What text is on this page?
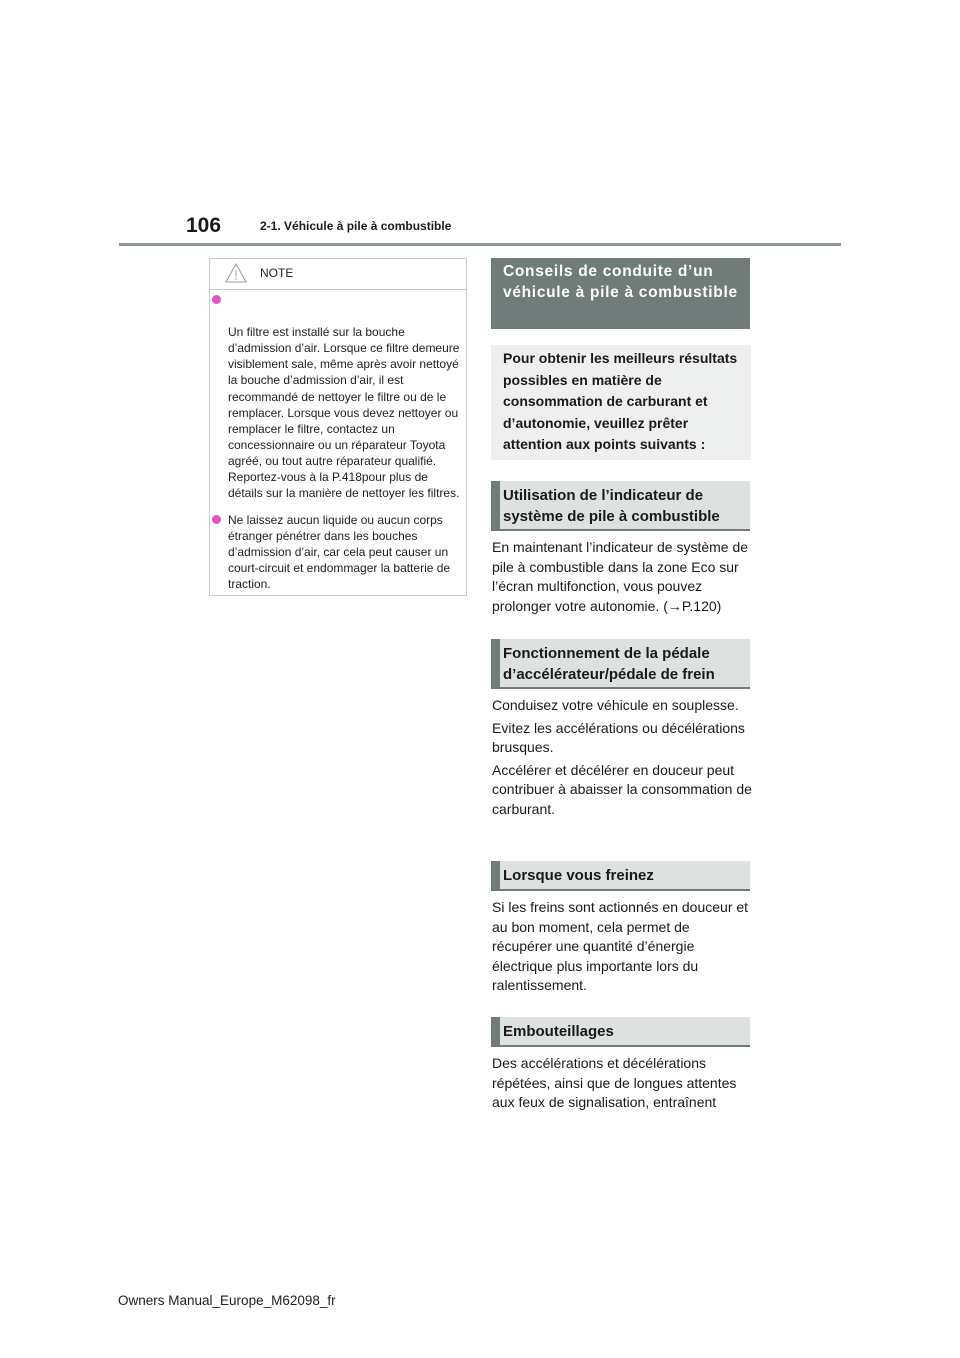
106	2-1. Véhicule à pile à combustible
NOTE

Un filtre est installé sur la bouche d’admission d’air. Lorsque ce filtre demeure visiblement sale, même après avoir nettoyé la bouche d’admission d’air, il est recommandé de nettoyer le filtre ou de le remplacer. Lorsque vous devez nettoyer ou remplacer le filtre, contactez un concessionnaire ou un réparateur Toyota agréé, ou tout autre réparateur qualifié.
Reportez-vous à la P.418pour plus de détails sur la manière de nettoyer les filtres.

Ne laissez aucun liquide ou aucun corps étranger pénétrer dans les bouches d’admission d’air, car cela peut causer un court-circuit et endommager la batterie de traction.
Conseils de conduite d’un véhicule à pile à combustible
Pour obtenir les meilleurs résultats possibles en matière de consommation de carburant et d’autonomie, veuillez prêter attention aux points suivants :
Utilisation de l’indicateur de système de pile à combustible

En maintenant l’indicateur de système de pile à combustible dans la zone Eco sur l’écran multifonction, vous pouvez prolonger votre autonomie. (→P.120)

Fonctionnement de la pédale d’accélérateur/pédale de frein

Conduisez votre véhicule en souplesse.

Evitez les accélérations ou décélérations brusques.

Accélérer et décélérer en douceur peut contribuer à abaisser la consommation de carburant.

Lorsque vous freinez

Si les freins sont actionnés en douceur et au bon moment, cela permet de récupérer une quantité d’énergie électrique plus importante lors du ralentissement.

Embouteillages

Des accélérations et décélérations répétées, ainsi que de longues attentes aux feux de signalisation, entraînent

Owners Manual_Europe_M62098_fr
